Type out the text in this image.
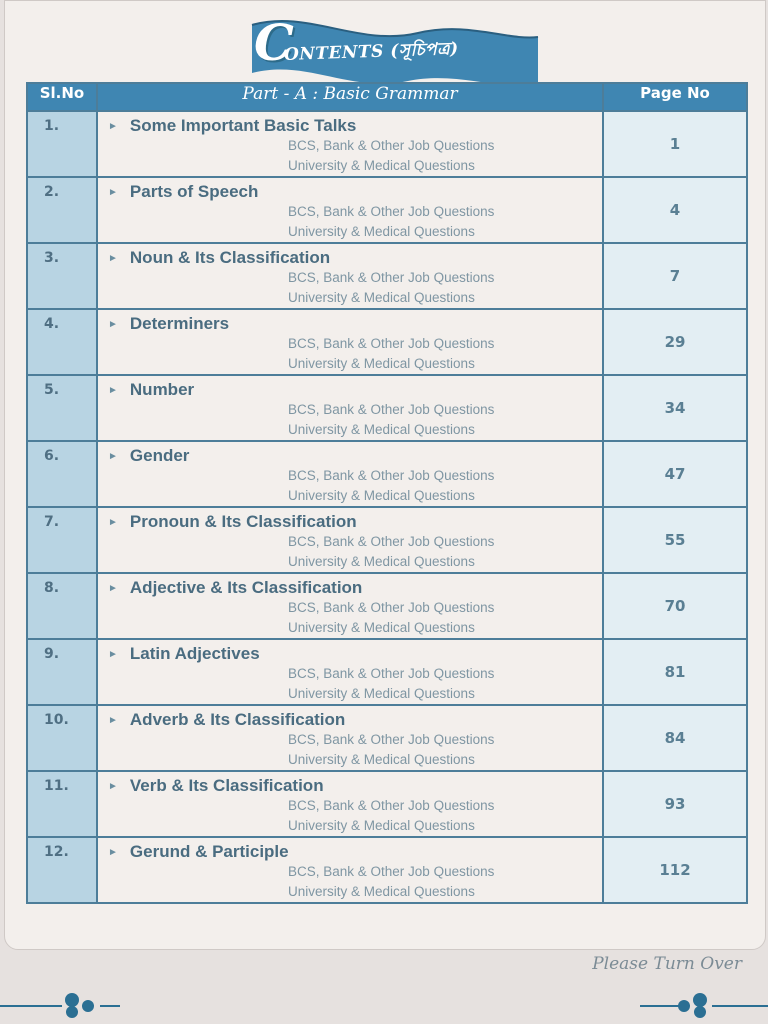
C
ONTENTS (সূচিপত্র)
Sl.No	Part - A : Basic Grammar	Page No
1.	► Some Important Basic Talks
BCS, Bank & Other Job Questions
University & Medical Questions	1
2.	► Parts of Speech
BCS, Bank & Other Job Questions
University & Medical Questions	4
3.	► Noun & Its Classification
BCS, Bank & Other Job Questions
University & Medical Questions	7
4.	► Determiners
BCS, Bank & Other Job Questions
University & Medical Questions	29
5.	► Number
BCS, Bank & Other Job Questions
University & Medical Questions	34
6.	► Gender
BCS, Bank & Other Job Questions
University & Medical Questions	47
7.	► Pronoun & Its Classification
BCS, Bank & Other Job Questions
University & Medical Questions	55
8.	► Adjective & Its Classification
BCS, Bank & Other Job Questions
University & Medical Questions	70
9.	► Latin Adjectives
BCS, Bank & Other Job Questions
University & Medical Questions	81
10.	► Adverb & Its Classification
BCS, Bank & Other Job Questions
University & Medical Questions	84
11.	► Verb & Its Classification
BCS, Bank & Other Job Questions
University & Medical Questions	93
12.	► Gerund & Participle
BCS, Bank & Other Job Questions
University & Medical Questions	112
Please Turn Over
